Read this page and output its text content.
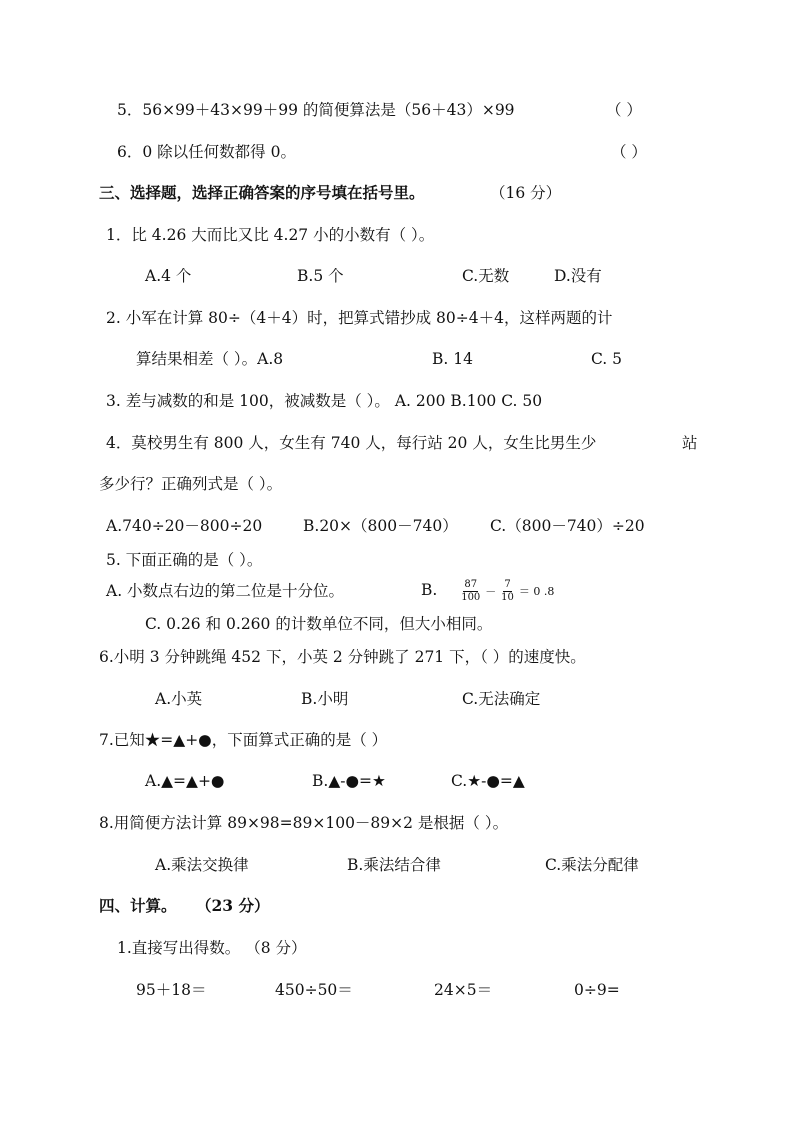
5．56×99＋43×99＋99 的简便算法是（56＋43）×99	（ ）
6．0 除以任何数都得 0。	（ ）
三、选择题，选择正确答案的序号填在括号里。	（16 分）
1．比 4.26 大而比又比 4.27 小的小数有（ ）。
A.4 个	B.5 个	C.无数	D.没有
2. 小军在计算 80÷（4＋4）时，把算式错抄成 80÷4＋4，这样两题的计
算结果相差（ ）。A.8	B. 14	C. 5
3. 差与减数的和是 100，被减数是（ ）。 A. 200 B.100 C. 50
4．莫校男生有 800 人，女生有 740 人，每行站 20 人，女生比男生少	站
多少行？正确列式是（ ）。
A.740÷20－800÷20	B.20×（800－740） C.（800－740）÷20
5. 下面正确的是（ ）。
A. 小数点右边的第二位是十分位。	B. $\frac{87}{100} - \frac{7}{10} = 0$ .8
C. 0.26 和 0.260 的计数单位不同，但大小相同。
6.小明 3 分钟跳绳 452 下，小英 2 分钟跳了 271 下，（ ）的速度快。
A.小英	B.小明	C.无法确定
7.已知★=▲+●，下面算式正确的是（ ）
A.▲=▲+●	B.▲-●=★	C.★-●=▲
8.用简便方法计算 89×98=89×100－89×2 是根据（ ）。
A.乘法交换律	B.乘法结合律	C.乘法分配律
四、计算。 （23 分）
1.直接写出得数。 （8 分）
95＋18＝	450÷50＝	24×5＝	0÷9=
